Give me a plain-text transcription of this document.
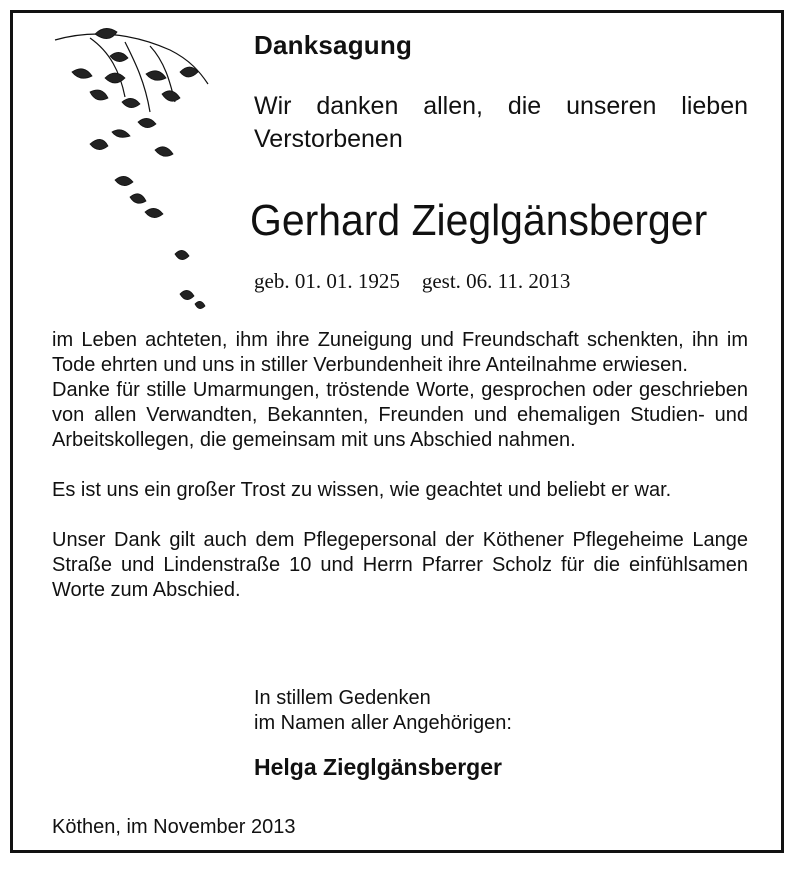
Danksagung
Wir danken allen, die unseren lieben
Verstorbenen
Gerhard Zieglgänsberger
geb. 01. 01. 1925 gest. 06. 11. 2013

im Leben achteten, ihm ihre Zuneigung und Freundschaft schenkten, ihn im Tode ehrten und uns in stiller Verbundenheit ihre Anteilnahme erwiesen.

Danke für stille Umarmungen, tröstende Worte, gesprochen oder geschrieben von allen Verwandten, Bekannten, Freunden und ehemaligen Studien- und Arbeitskollegen, die gemeinsam mit uns Abschied nahmen.

Es ist uns ein großer Trost zu wissen, wie geachtet und beliebt er war.

Unser Dank gilt auch dem Pflegepersonal der Köthener Pflegeheime Lange Straße und Lindenstraße 10 und Herrn Pfarrer Scholz für die einfühlsamen Worte zum Abschied.

In stillem Gedenken
im Namen aller Angehörigen:
Helga Zieglgänsberger
Köthen, im November 2013
